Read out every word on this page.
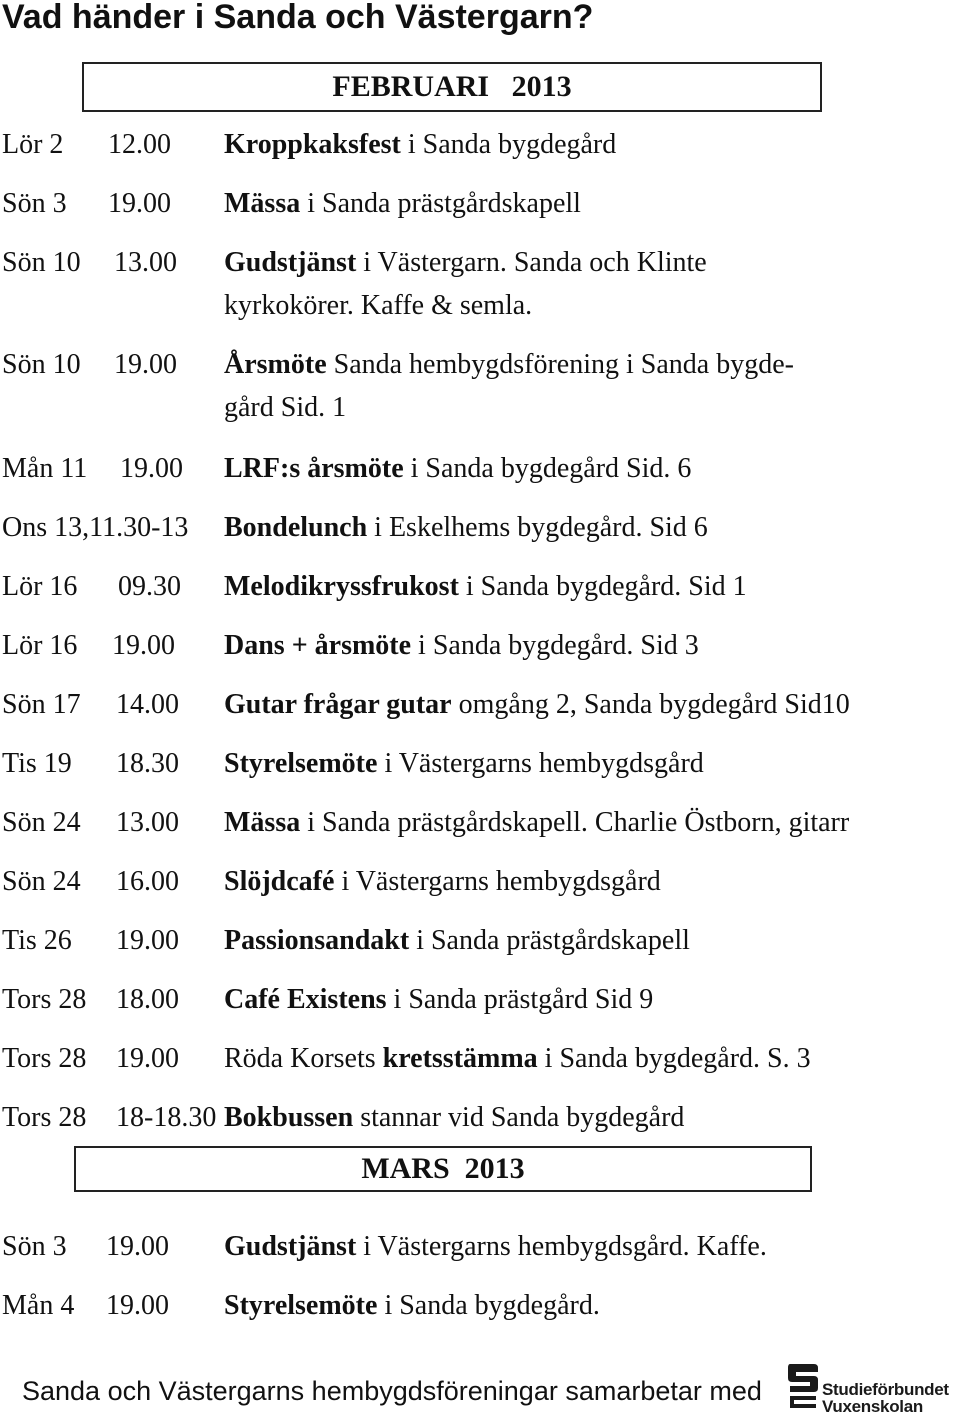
Vad händer i Sanda och Västergarn?
FEBRUARI   2013
Lör 2 12.00 Kroppkaksfest i Sanda bygdegård
Sön 3 19.00 Mässa i Sanda prästgårdskapell
Sön 10 13.00 Gudstjänst i Västergarn. Sanda och Klinte
kyrkokörer. Kaffe & semla.
Sön 10 19.00 Årsmöte Sanda hembygdsförening i Sanda bygde-
gård Sid. 1
Mån 11 19.00 LRF:s årsmöte i Sanda bygdegård Sid. 6
Ons 13,11.30-13 Bondelunch i Eskelhems bygdegård. Sid 6
Lör 16 09.30 Melodikryssfrukost i Sanda bygdegård. Sid 1
Lör 16 19.00 Dans + årsmöte i Sanda bygdegård. Sid 3
Sön 17 14.00 Gutar frågar gutar omgång 2, Sanda bygdegård Sid10
Tis 19 18.30 Styrelsemöte i Västergarns hembygdsgård
Sön 24 13.00 Mässa i Sanda prästgårdskapell. Charlie Östborn, gitarr
Sön 24 16.00 Slöjdcafé i Västergarns hembygdsgård
Tis 26 19.00 Passionsandakt i Sanda prästgårdskapell
Tors 28 18.00 Café Existens i Sanda prästgård Sid 9
Tors 28 19.00 Röda Korsets kretsstämma i Sanda bygdegård. S. 3
Tors 28 18-18.30 Bokbussen stannar vid Sanda bygdegård
MARS  2013
Sön 3 19.00 Gudstjänst i Västergarns hembygdsgård. Kaffe.
Mån 4 19.00 Styrelsemöte i Sanda bygdegård.
Sanda och Västergarns hembygdsföreningar samarbetar med	Studieförbundet
Vuxenskolan
